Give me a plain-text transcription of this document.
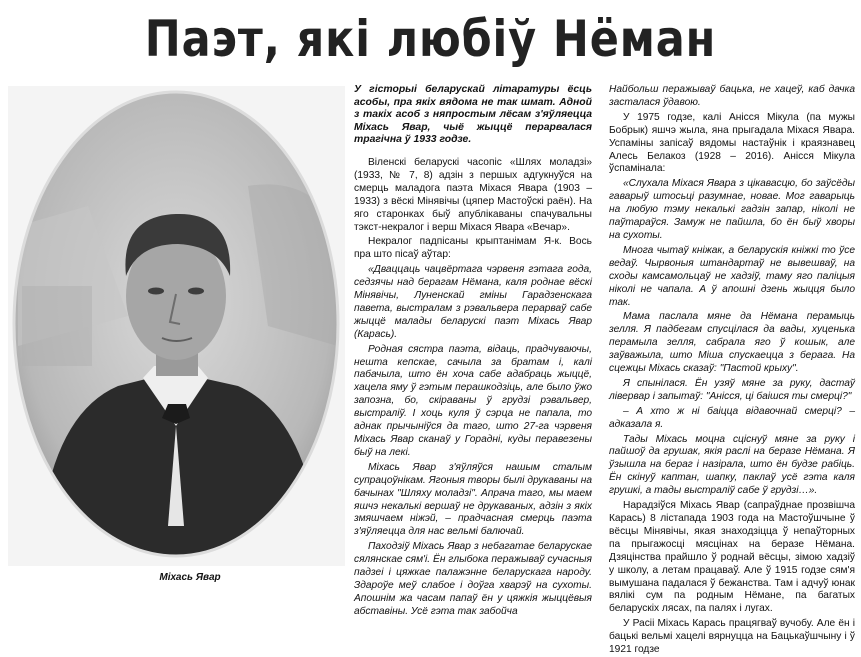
Паэт, які любіў Нёман
Міхась Явар

У гісторыі беларускай літаратуры ёсць асобы, пра якіх вядома не так шмат. Адной з такіх асоб з няпростым лёсам з'яўляецца Міхась Явар, чыё жыццё перарвалася трагічна ў 1933 годзе.

Віленскі беларускі часопіс «Шлях моладзі» (1933, № 7, 8) адзін з першых адгукнуўся на смерць маладога паэта Міхася Явара (1903 – 1933) з вёскі Мінявічы (цяпер Мастоўскі раён). На яго старонках быў апублікаваны спачувальны тэкст-некралог і верш Міхася Явара «Вечар».

Некралог падпісаны крыптанімам Я-к. Вось пра што пісаў аўтар:

«Дваццаць чацвёртага чэрвеня гэтага года, седзячы над берагам Нёмана, каля роднае вёскі Мінявічы, Луненскай гміны Гарадзенскага павета, выстралам з рэвальвера перарваў сабе жыццё малады беларускі паэт Міхась Явар (Карась).

Родная сястра паэта, відаць, прадчуваючы, нешта кепскае, сачыла за братам і, калі пабачыла, што ён хоча сабе адабраць жыццё, хацела яму ў гэтым перашкодзіць, але было ўжо запозна, бо, скіраваны ў грудзі рэвальвер, выстраліў. І хоць куля ў сэрца не папала, то аднак прычыніўся да таго, што 27-га чэрвеня Міхась Явар сканаў у Горадні, куды перавезены быў на лекі.

Міхась Явар з'яўляўся нашым сталым супрацоўнікам. Ягоныя творы былі друкаваны на бачынах "Шляху моладзі". Апрача таго, мы маем яшчэ некалькі вершаў не друкаваных, адзін з якіх змяшчаем ніжэй, – прадчасная смерць паэта з'яўляецца для нас вельмі балючай.

Паходзіў Міхась Явар з небагатае беларускае сялянскае сям'і. Ён глыбока перажываў сучасныя падзеі і цяжкае палажэнне беларускага народу. Здароўе меў слабое і доўга хварэў на сухоты. Апошнім жа часам папаў ён у цяжкія жыццёвыя абставіны. Усё гэта так забойча

Найбольш перажываў бацька, не хацеў, каб дачка засталася ўдавою.

У 1975 годзе, калі Анісся Мікула (па мужы Бобрык) яшчэ жыла, яна прыгадала Міхася Явара. Успаміны запісаў вядомы настаўнік і краязнавец Алесь Белакоз (1928 – 2016). Анісся Мікула ўспамінала:

«Слухала Міхася Явара з цікавасцю, бо заўсёды гаварыў штосьці разумнае, новае. Мог гаварыць на любую тэму некалькі гадзін запар, ніколі не паўтараўся. Замуж не пайшла, бо ён быў хворы на сухоты.

Многа чытаў кніжак, а беларускія кніжкі то ўсе ведаў. Чырвоныя штандартаў не вывешваў, на сходы камсамольцаў не хадзіў, таму яго паліцыя ніколі не чапала. А ў апошні дзень жыцця было так.

Мама паслала мяне да Нёмана перамыць зелля. Я падбегам спусцілася да вады, хуценька перамыла зелля, сабрала яго ў кошык, але заўважыла, што Міша спускаецца з берага. На сцежцы Міхась сказаў: "Пастой крыху".

Я спынілася. Ён узяў мяне за руку, дастаў лівервар і запытаў: "Анісся, ці баішся ты смерці?"

– А хто ж ні баіцца відавочнай смерці? – адказала я.

Тады Міхась моцна сціснуў мяне за руку і пайшоў да грушак, якія раслі на беразе Нёмана. Я ўзышла на бераг і назірала, што ён будзе рабіць. Ён скінуў каптан, шапку, паклаў усё гэта каля грушкі, а тады выстраліў сабе ў грудзі…».

Нарадзіўся Міхась Явар (сапраўднае прозвішча Карась) 8 лістапада 1903 года на Мастоўшчыне ў вёсцы Мінявічы, якая знаходзіцца ў непаўторных па прыгажосці мясцінах на беразе Нёмана. Дзяцінства прайшло ў роднай вёсцы, зімою хадзіў у школу, а летам працаваў. Але ў 1915 годзе сям'я вымушана падалася ў бежанства. Там і адчуў юнак вялікі сум па родным Нёмане, па багатых беларускіх лясах, па палях і лугах.

У Расіі Міхась Карась працягваў вучобу. Але ён і бацькі вельмі хацелі вярнуцца на Бацькаўшчыну і ў 1921 годзе
